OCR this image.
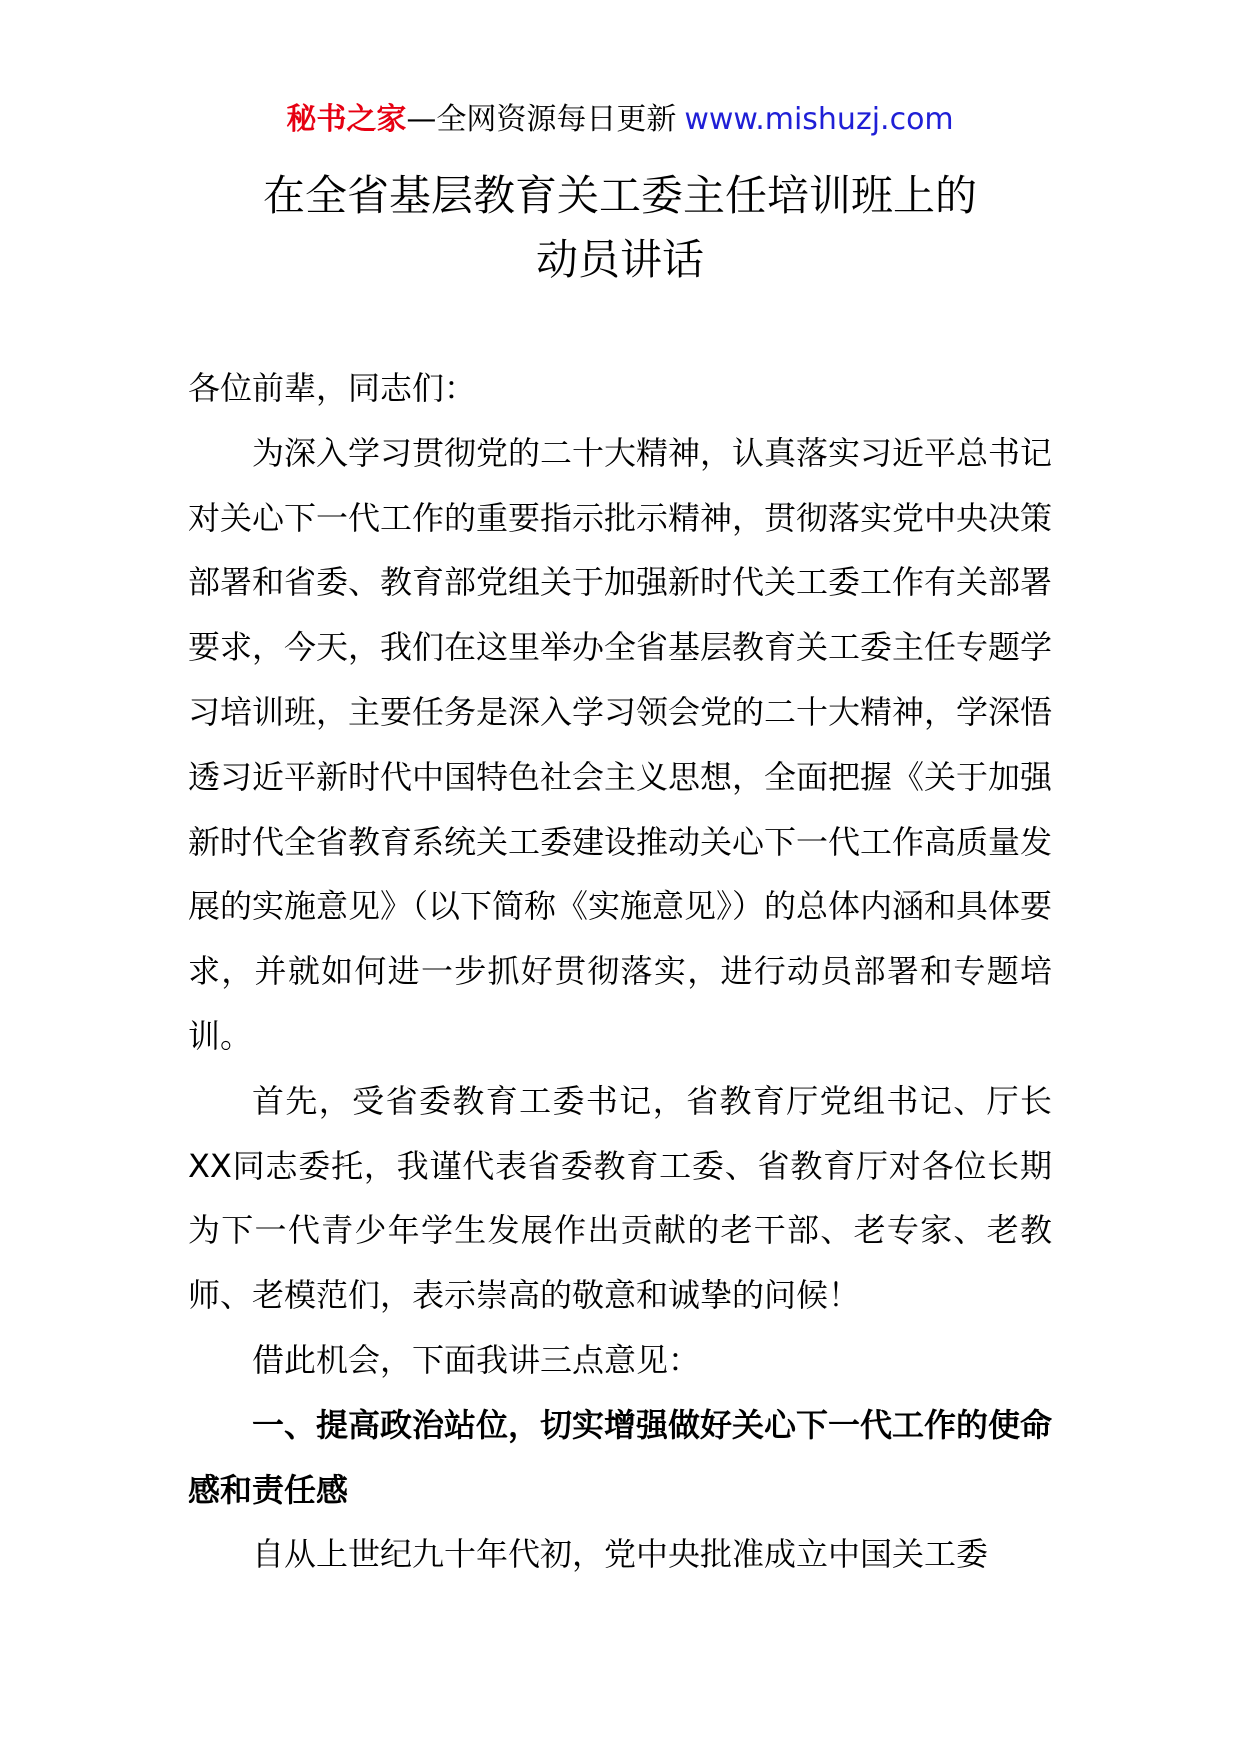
秘书之家—全网资源每日更新 www.mishuzj.com
在全省基层教育关工委主任培训班上的
动员讲话

各位前辈，同志们：

为深入学习贯彻党的二十大精神，认真落实习近平总书记对关心下一代工作的重要指示批示精神，贯彻落实党中央决策部署和省委、教育部党组关于加强新时代关工委工作有关部署要求，今天，我们在这里举办全省基层教育关工委主任专题学习培训班，主要任务是深入学习领会党的二十大精神，学深悟透习近平新时代中国特色社会主义思想，全面把握《关于加强新时代全省教育系统关工委建设推动关心下一代工作高质量发展的实施意见》（以下简称《实施意见》）的总体内涵和具体要求，并就如何进一步抓好贯彻落实，进行动员部署和专题培训。

首先，受省委教育工委书记，省教育厅党组书记、厅长XX同志委托，我谨代表省委教育工委、省教育厅对各位长期为下一代青少年学生发展作出贡献的老干部、老专家、老教师、老模范们，表示崇高的敬意和诚挚的问候！

借此机会，下面我讲三点意见：

一、提高政治站位，切实增强做好关心下一代工作的使命感和责任感

自从上世纪九十年代初，党中央批准成立中国关工委
